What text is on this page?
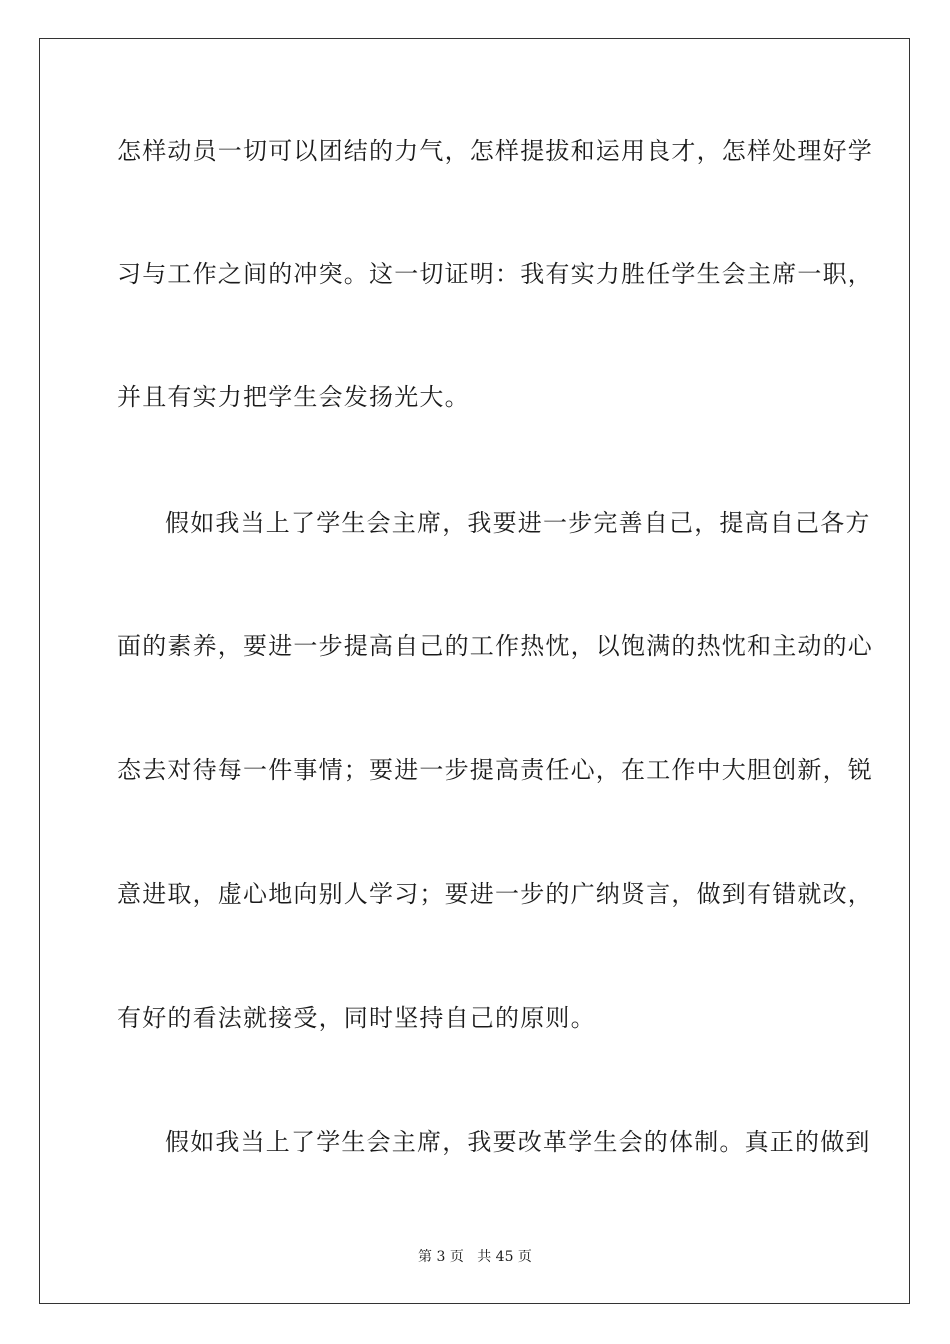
怎样动员一切可以团结的力气，怎样提拔和运用良才，怎样处理好学
习与工作之间的冲突。这一切证明：我有实力胜任学生会主席一职，
并且有实力把学生会发扬光大。
假如我当上了学生会主席，我要进一步完善自己，提高自己各方
面的素养，要进一步提高自己的工作热忱，以饱满的热忱和主动的心
态去对待每一件事情；要进一步提高责任心，在工作中大胆创新，锐
意进取，虚心地向别人学习；要进一步的广纳贤言，做到有错就改，
有好的看法就接受，同时坚持自己的原则。
假如我当上了学生会主席，我要改革学生会的体制。真正的做到
第 3 页 共 45 页
